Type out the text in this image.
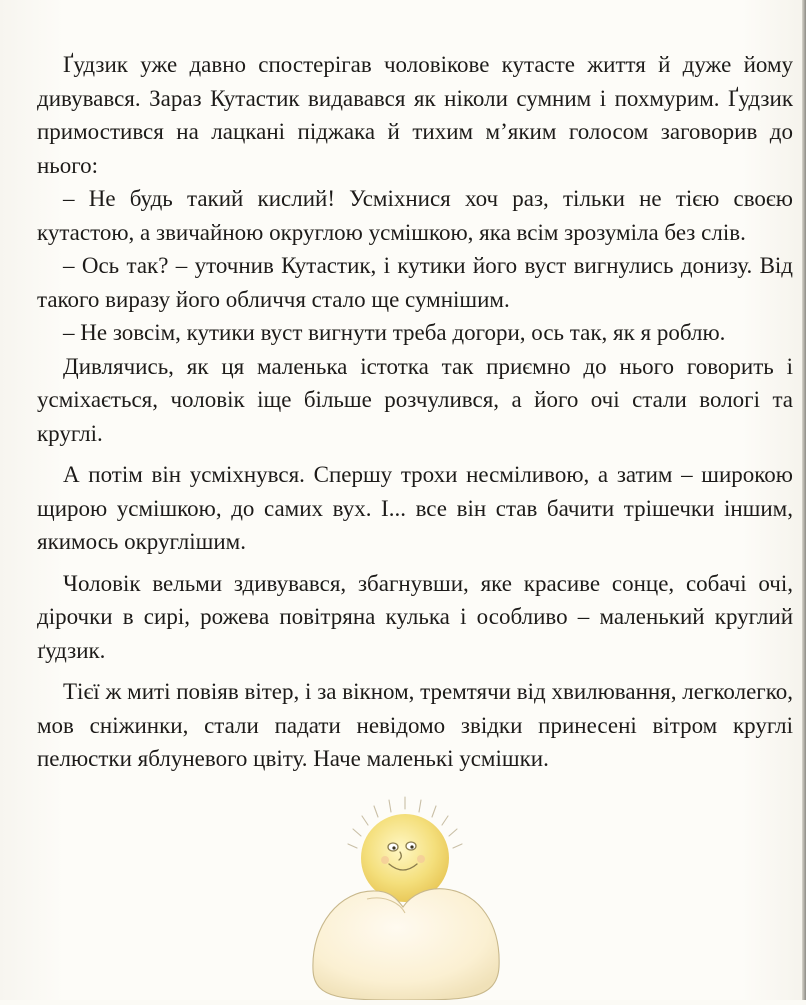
Ґудзик уже давно спостерігав чоловікове кутасте життя й дуже йому дивувався. Зараз Кутастик видавався як ніколи сумним і похмурим. Ґудзик примостився на лацкані піджака й тихим м’яким голосом заговорив до нього:

– Не будь такий кислий! Усміхнися хоч раз, тільки не тією своєю кутастою, а звичайною округлою усмішкою, яка всім зрозуміла без слів.

– Ось так? – уточнив Кутастик, і кутики його вуст вигнулись донизу. Від такого виразу його обличчя стало ще сумнішим.

– Не зовсім, кутики вуст вигнути треба догори, ось так, як я роблю.

Дивлячись, як ця маленька істотка так приємно до нього говорить і усміхається, чоловік іще більше розчулився, а його очі стали вологі та круглі.

А потім він усміхнувся. Спершу трохи несміливою, а затим – широкою щирою усмішкою, до самих вух. І... все він став бачити трішечки іншим, якимось округлішим.

Чоловік вельми здивувався, збагнувши, яке красиве сонце, собачі очі, дірочки в сирі, рожева повітряна кулька і особливо – маленький круглий ґудзик.

Тієї ж миті повіяв вітер, і за вікном, тремтячи від хвилювання, легколегко, мов сніжинки, стали падати невідомо звідки принесені вітром круглі пелюстки яблуневого цвіту. Наче маленькі усмішки.
